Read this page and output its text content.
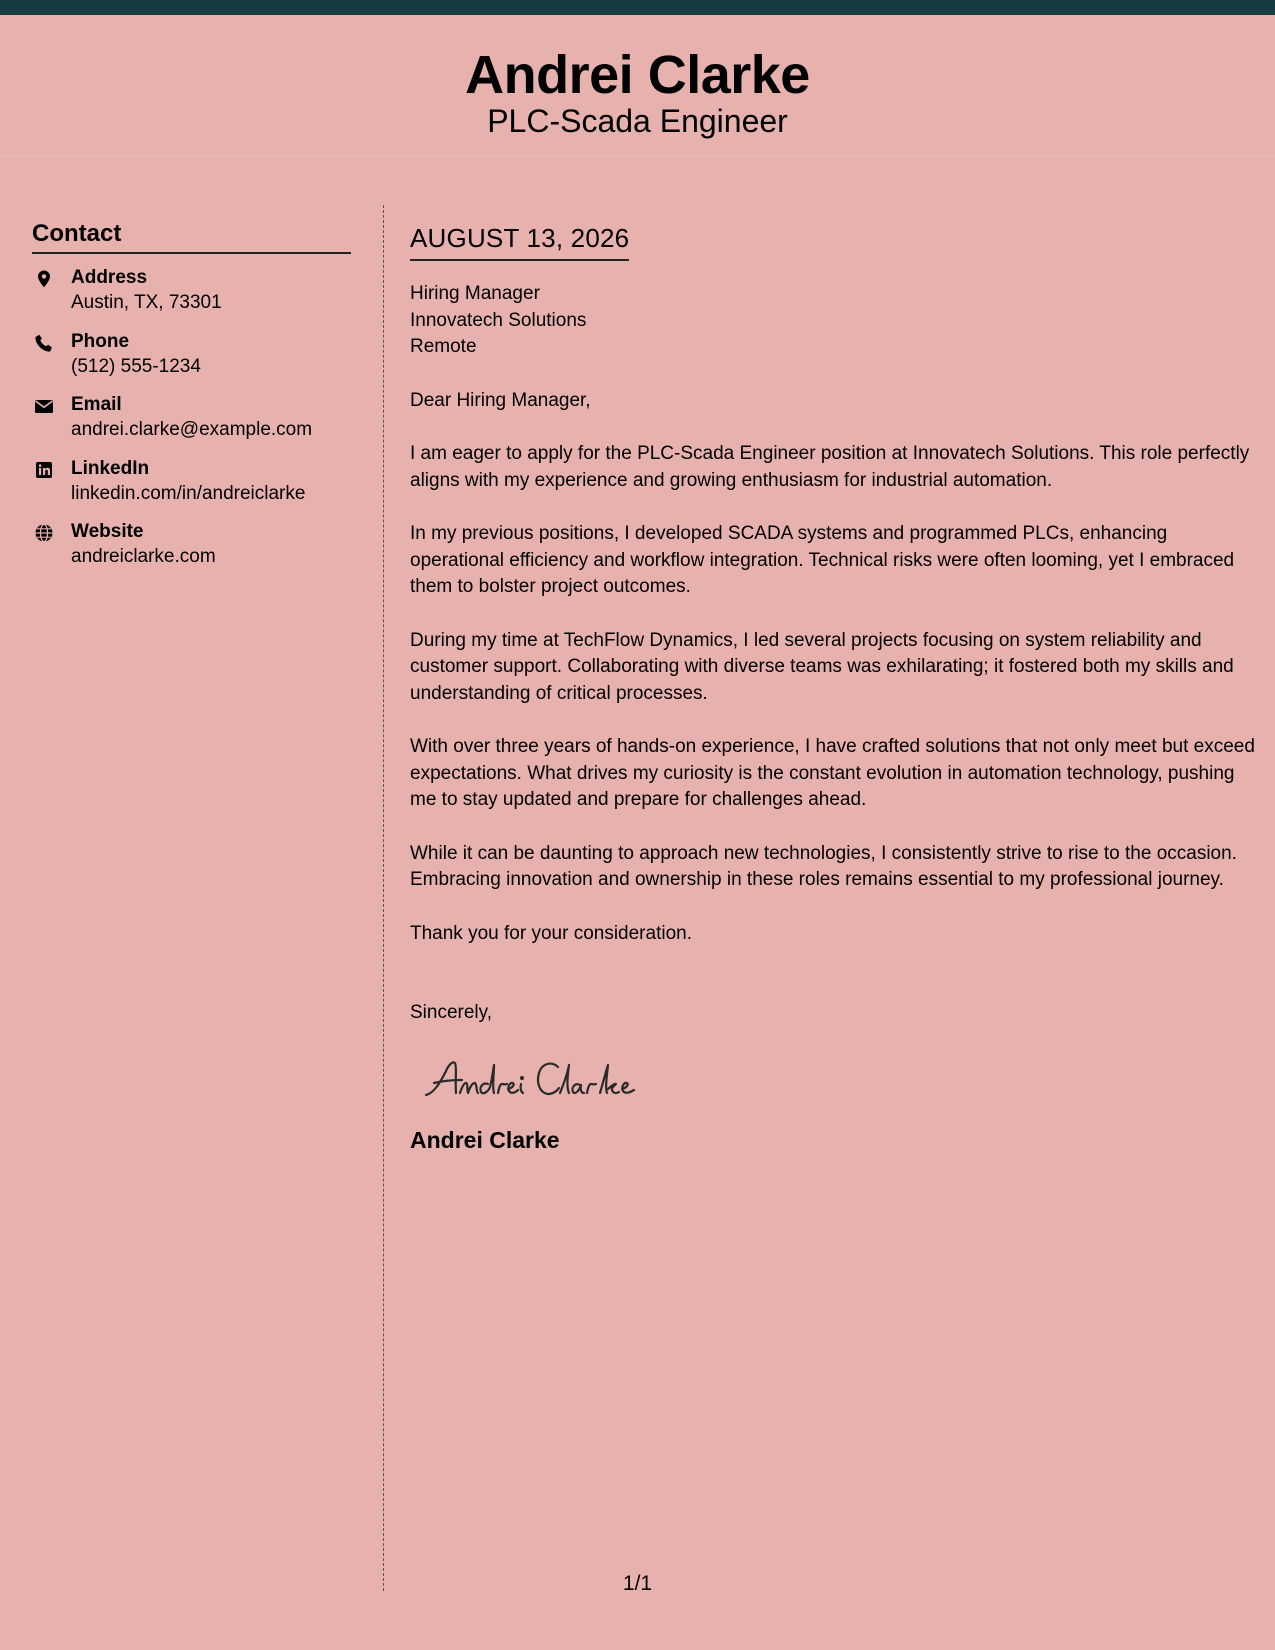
Andrei Clarke
PLC-Scada Engineer
Contact
Address
Austin, TX, 73301
Phone
(512) 555-1234
Email
andrei.clarke@example.com
LinkedIn
linkedin.com/in/andreiclarke
Website
andreiclarke.com
AUGUST 13, 2026
Hiring Manager
Innovatech Solutions
Remote
Dear Hiring Manager,
I am eager to apply for the PLC-Scada Engineer position at Innovatech Solutions. This role perfectly aligns with my experience and growing enthusiasm for industrial automation.
In my previous positions, I developed SCADA systems and programmed PLCs, enhancing operational efficiency and workflow integration. Technical risks were often looming, yet I embraced them to bolster project outcomes.
During my time at TechFlow Dynamics, I led several projects focusing on system reliability and customer support. Collaborating with diverse teams was exhilarating; it fostered both my skills and understanding of critical processes.
With over three years of hands-on experience, I have crafted solutions that not only meet but exceed expectations. What drives my curiosity is the constant evolution in automation technology, pushing me to stay updated and prepare for challenges ahead.
While it can be daunting to approach new technologies, I consistently strive to rise to the occasion. Embracing innovation and ownership in these roles remains essential to my professional journey.
Thank you for your consideration.
Sincerely,
Andrei Clarke
1/1
